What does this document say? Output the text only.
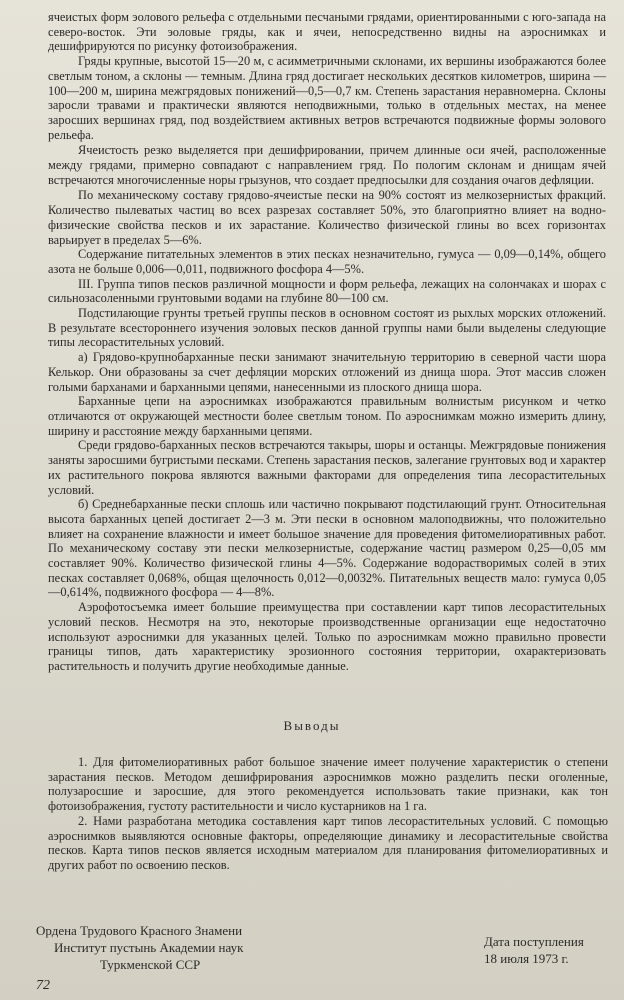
ячеистых форм эолового рельефа с отдельными песчаными грядами, ориентированными с юго-запада на северо-восток. Эти эоловые гряды, как и ячеи, непосредственно видны на аэроснимках и дешифрируются по рисунку фотоизображения.

Гряды крупные, высотой 15—20 м, с асимметричными склонами, их вершины изображаются более светлым тоном, а склоны — темным. Длина гряд достигает нескольких десятков километров, ширина — 100—200 м, ширина межгрядовых понижений—0,5—0,7 км. Степень зарастания неравномерна. Склоны заросли травами и практически являются неподвижными, только в отдельных местах, на менее заросших вершинах гряд, под воздействием активных ветров встречаются подвижные формы эолового рельефа.

Ячеистость резко выделяется при дешифрировании, причем длинные оси ячей, расположенные между грядами, примерно совпадают с направлением гряд. По пологим склонам и днищам ячей встречаются многочисленные норы грызунов, что создает предпосылки для создания очагов дефляции.

По механическому составу грядово-ячеистые пески на 90% состоят из мелкозернистых фракций. Количество пылеватых частиц во всех разрезах составляет 50%, это благоприятно влияет на водно-физические свойства песков и их зарастание. Количество физической глины во всех горизонтах варьирует в пределах 5—6%.

Содержание питательных элементов в этих песках незначительно, гумуса — 0,09—0,14%, общего азота не больше 0,006—0,011, подвижного фосфора 4—5%.

III. Группа типов песков различной мощности и форм рельефа, лежащих на солончаках и шорах с сильнозасоленными грунтовыми водами на глубине 80—100 см.

Подстилающие грунты третьей группы песков в основном состоят из рыхлых морских отложений. В результате всестороннего изучения эоловых песков данной группы нами были выделены следующие типы лесорастительных условий.

а) Грядово-крупнобарханные пески занимают значительную территорию в северной части шора Келькор. Они образованы за счет дефляции морских отложений из днища шора. Этот массив сложен голыми барханами и барханными цепями, нанесенными из плоского днища шора.

Барханные цепи на аэроснимках изображаются правильным волнистым рисунком и четко отличаются от окружающей местности более светлым тоном. По аэроснимкам можно измерить длину, ширину и расстояние между барханными цепями.

Среди грядово-барханных песков встречаются такыры, шоры и останцы. Межгрядовые понижения заняты заросшими бугристыми песками. Степень зарастания песков, залегание грунтовых вод и характер их растительного покрова являются важными факторами для определения типа лесорастительных условий.

б) Среднебарханные пески сплошь или частично покрывают подстилающий грунт. Относительная высота барханных цепей достигает 2—3 м. Эти пески в основном малоподвижны, что положительно влияет на сохранение влажности и имеет большое значение для проведения фитомелиоративных работ. По механическому составу эти пески мелкозернистые, содержание частиц размером 0,25—0,05 мм составляет 90%. Количество физической глины 4—5%. Содержание водорастворимых солей в этих песках составляет 0,068%, общая щелочность 0,012—0,0032%. Питательных веществ мало: гумуса 0,05—0,614%, подвижного фосфора — 4—8%.

Аэрофотосъемка имеет большие преимущества при составлении карт типов лесорастительных условий песков. Несмотря на это, некоторые производственные организации еще недостаточно используют аэроснимки для указанных целей. Только по аэроснимкам можно правильно провести границы типов, дать характеристику эрозионного состояния территории, охарактеризовать растительность и получить другие необходимые данные.

Выводы

1. Для фитомелиоративных работ большое значение имеет получение характеристик о степени зарастания песков. Методом дешифрирования аэроснимков можно разделить пески оголенные, полузаросшие и заросшие, для этого рекомендуется использовать такие признаки, как тон фотоизображения, густоту растительности и число кустарников на 1 га.

2. Нами разработана методика составления карт типов лесорастительных условий. С помощью аэроснимков выявляются основные факторы, определяющие динамику и лесорастительные свойства песков. Карта типов песков является исходным материалом для планирования фитомелиоративных и других работ по освоению песков.

Ордена Трудового Красного Знамени
Институт пустынь Академии наук
Туркменской ССР
Дата поступления
18 июля 1973 г.
72
